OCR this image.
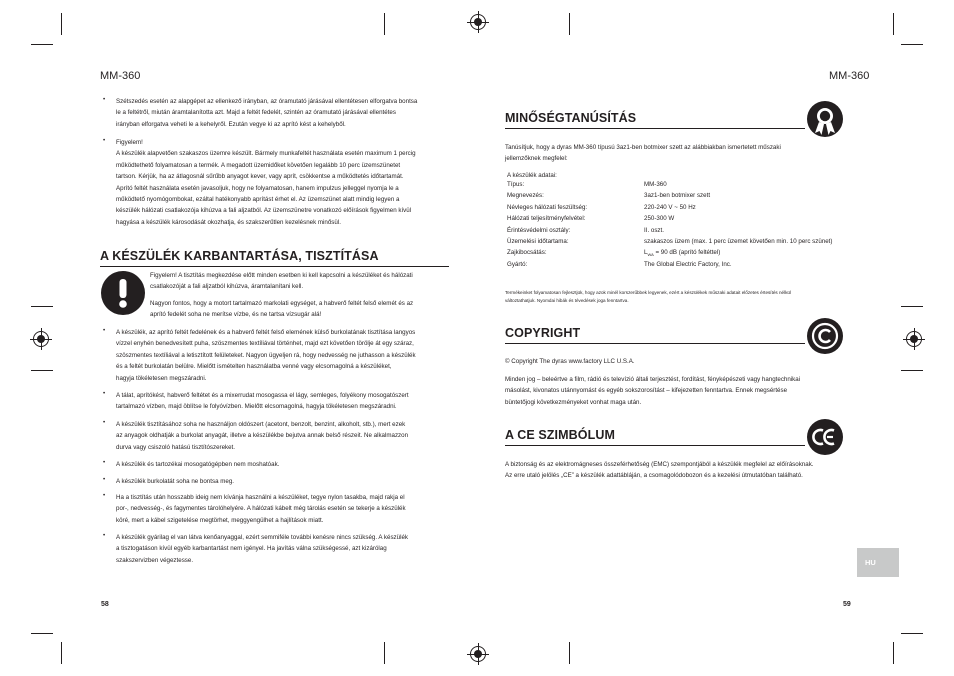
MM-360
• Szétszedés esetén az alapgépet az ellenkező irányban, az óramutató járásával ellentétesen elforgatva bontsa
le a feltétről, miután áramtalanította azt. Majd a feltét fedelét, szintén az óramutató járásával ellentétes
irányban elforgatva veheti le a kehelyről. Ezután vegye ki az aprító kést a kehelyből.
• Figyelem!
A készülék alapvetően szakaszos üzemre készült. Bármely munkafeltét használata esetén maximum 1 percig
működtethető folyamatosan a termék. A megadott üzemidőket követően legalább 10 perc üzemszünetet
tartson. Kérjük, ha az átlagosnál sűrűbb anyagot kever, vagy aprít, csökkentse a működtetés időtartamát.
Aprító feltét használata esetén javasoljuk, hogy ne folyamatosan, hanem impulzus jelleggel nyomja le a
működtető nyomógombokat, ezáltal hatékonyabb aprítást érhet el. Az üzemszünet alatt mindig legyen a
készülék hálózati csatlakozója kihúzva a fali aljzatból. Az üzemszünetre vonatkozó előírások figyelmen kívül
hagyása a készülék károsodását okozhatja, és szakszerűtlen kezelésnek minősül.
A KÉSZÜLÉK KARBANTARTÁSA, TISZTÍTÁSA
Figyelem! A tisztítás megkezdése előtt minden esetben ki kell kapcsolni a készüléket és hálózati
csatlakozóját a fali aljzatból kihúzva, áramtalanítani kell.
Nagyon fontos, hogy a motort tartalmazó markolati egységet, a habverő feltét felső elemét és az
aprító fedelét soha ne merítse vízbe, és ne tartsa vízsugár alá!
• A készülék, az aprító feltét fedelének és a habverő feltét felső elemének külső burkolatának tisztítása langyos
vízzel enyhén benedvesített puha, szöszmentes textíliával történhet, majd ezt követően törölje át egy száraz,
szöszmentes textíliával a letisztított felületeket. Nagyon ügyeljen rá, hogy nedvesség ne juthasson a készülék
és a feltét burkolatán belülre. Mielőtt ismételten használatba venné vagy elcsomagolná a készüléket,
hagyja tökéletesen megszáradni.
• A tálat, aprítókést, habverő feltétet és a mixerrudat mosogassa el lágy, semleges, folyékony mosogatószert
tartalmazó vízben, majd öblítse le folyóvízben. Mielőtt elcsomagolná, hagyja tökéletesen megszáradni.
• A készülék tisztításához soha ne használjon oldószert (acetont, benzolt, benzint, alkoholt, stb.), mert ezek
az anyagok oldhatják a burkolat anyagát, illetve a készülékbe bejutva annak belső részeit. Ne alkalmazzon
durva vagy csiszoló hatású tisztítószereket.
• A készülék és tartozékai mosogatógépben nem moshatóak.
• A készülék burkolatát soha ne bontsa meg.
• Ha a tisztítás után hosszabb ideig nem kívánja használni a készüléket, tegye nylon tasakba, majd rakja el
por-, nedvesség-, és fagymentes tárolóhelyére. A hálózati kábelt még tárolás esetén se tekerje a készülék
köré, mert a kábel szigetelése megtörhet, meggyengülhet a hajlítások miatt.
• A készülék gyárilag el van látva kenőanyaggal, ezért semmiféle további kenésre nincs szükség. A készülék
a tisztogatáson kívül egyéb karbantartást nem igényel. Ha javítás válna szükségessé, azt kizárólag
szakszervizben végeztesse.
58
MM-360
MINŐSÉGTANÚSÍTÁS
Tanúsítjuk, hogy a dyras MM-360 típusú 3az1-ben botmixer szett az alábbiakban ismertetett műszaki
jellemzőknek megfelel:
A készülék adatai:
Típus:	MM-360
Megnevezés:	3az1-ben botmixer szett
Névleges hálózati feszültség:	220-240 V ~ 50 Hz
Hálózati teljesítményfelvétel:	250-300 W
Érintésvédelmi osztály:	II. oszt.
Üzemelési időtartama:	szakaszos üzem (max. 1 perc üzemet követően min. 10 perc szünet)
Zajkibocsátás:	$L_{WA} = 90$ dB (aprító feltéttel)
Gyártó:	The Global Electric Factory, Inc.
Termékeinket folyamatosan fejlesztjük, hogy azok minél korszerűbbek legyenek, ezért a készülékek műszaki adatait előzetes értesítés nélkül
változtathatjuk. Nyomdai hibák és tévedések joga fenntartva.
COPYRIGHT
© Copyright The dyras www.factory LLC U.S.A.
Minden jog – beleértve a film, rádió és televízió általi terjesztést, fordítást, fényképészeti vagy hangtechnikai
másolást, kivonatos utánnyomást és egyéb sokszorosítást – kifejezetten fenntartva. Ennek megsértése
büntetőjogi következményeket vonhat maga után.
A CE SZIMBÓLUM
A biztonság és az elektromágneses összeférhetőség (EMC) szempontjából a készülék megfelel az előírásoknak.
Az erre utaló jelölés „CE” a készülék adattábláján, a csomagolódobozon és a kezelési útmutatóban található.
HU
59
